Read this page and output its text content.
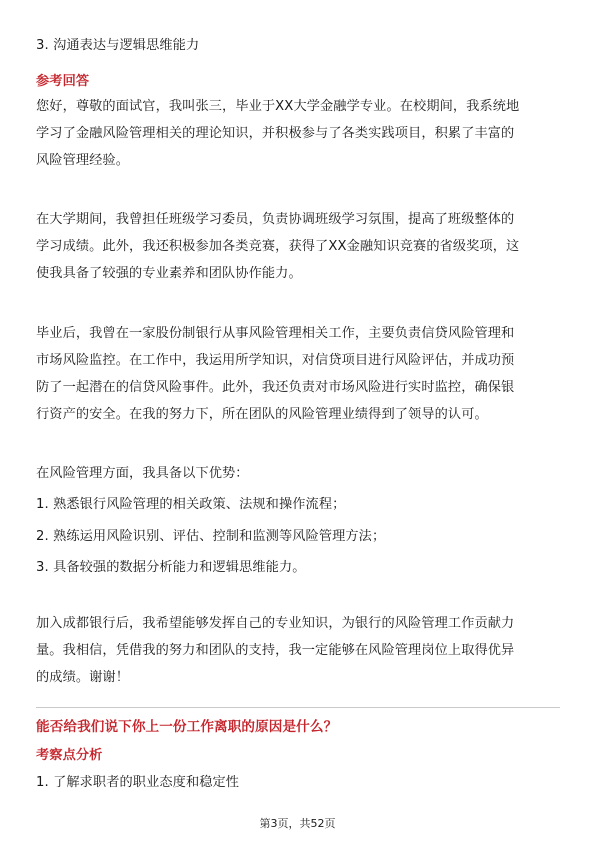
3. 沟通表达与逻辑思维能力
参考回答
您好，尊敬的面试官，我叫张三，毕业于XX大学金融学专业。在校期间，我系统地
学习了金融风险管理相关的理论知识，并积极参与了各类实践项目，积累了丰富的
风险管理经验。
在大学期间，我曾担任班级学习委员，负责协调班级学习氛围，提高了班级整体的
学习成绩。此外，我还积极参加各类竞赛，获得了XX金融知识竞赛的省级奖项，这
使我具备了较强的专业素养和团队协作能力。
毕业后，我曾在一家股份制银行从事风险管理相关工作，主要负责信贷风险管理和
市场风险监控。在工作中，我运用所学知识，对信贷项目进行风险评估，并成功预
防了一起潜在的信贷风险事件。此外，我还负责对市场风险进行实时监控，确保银
行资产的安全。在我的努力下，所在团队的风险管理业绩得到了领导的认可。
在风险管理方面，我具备以下优势：
1. 熟悉银行风险管理的相关政策、法规和操作流程；
2. 熟练运用风险识别、评估、控制和监测等风险管理方法；
3. 具备较强的数据分析能力和逻辑思维能力。
加入成都银行后，我希望能够发挥自己的专业知识，为银行的风险管理工作贡献力
量。我相信，凭借我的努力和团队的支持，我一定能够在风险管理岗位上取得优异
的成绩。谢谢！
能否给我们说下你上一份工作离职的原因是什么？
考察点分析
1. 了解求职者的职业态度和稳定性
第3页，共52页
